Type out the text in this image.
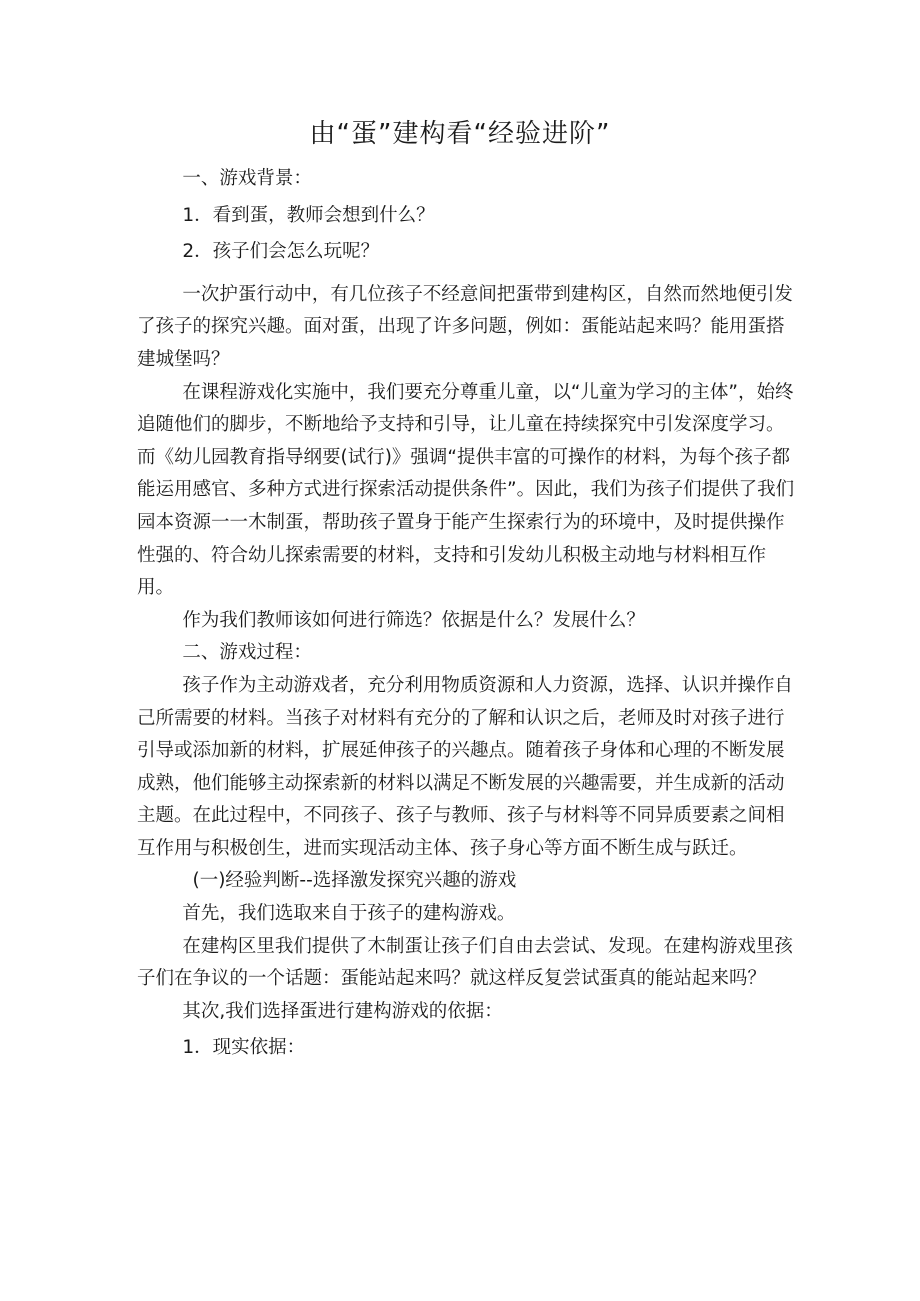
由“蛋”建构看“经验进阶”

一、游戏背景：

1．看到蛋，教师会想到什么？

2．孩子们会怎么玩呢？

一次护蛋行动中，有几位孩子不经意间把蛋带到建构区，自然而然地便引发了孩子的探究兴趣。面对蛋，出现了许多问题，例如：蛋能站起来吗？能用蛋搭建城堡吗？

在课程游戏化实施中，我们要充分尊重儿童，以“儿童为学习的主体”，始终追随他们的脚步，不断地给予支持和引导，让儿童在持续探究中引发深度学习。而《幼儿园教育指导纲要(试行)》强调“提供丰富的可操作的材料，为每个孩子都能运用感官、多种方式进行探索活动提供条件”。因此，我们为孩子们提供了我们园本资源一一木制蛋，帮助孩子置身于能产生探索行为的环境中，及时提供操作性强的、符合幼儿探索需要的材料，支持和引发幼儿积极主动地与材料相互作用。

作为我们教师该如何进行筛选？依据是什么？发展什么？

二、游戏过程：

孩子作为主动游戏者，充分利用物质资源和人力资源，选择、认识并操作自己所需要的材料。当孩子对材料有充分的了解和认识之后，老师及时对孩子进行引导或添加新的材料，扩展延伸孩子的兴趣点。随着孩子身体和心理的不断发展成熟，他们能够主动探索新的材料以满足不断发展的兴趣需要，并生成新的活动主题。在此过程中，不同孩子、孩子与教师、孩子与材料等不同异质要素之间相互作用与积极创生，进而实现活动主体、孩子身心等方面不断生成与跃迁。

(一)经验判断--选择激发探究兴趣的游戏

首先，我们选取来自于孩子的建构游戏。

在建构区里我们提供了木制蛋让孩子们自由去尝试、发现。在建构游戏里孩子们在争议的一个话题：蛋能站起来吗？就这样反复尝试蛋真的能站起来吗？

其次,我们选择蛋进行建构游戏的依据：

1．现实依据：
